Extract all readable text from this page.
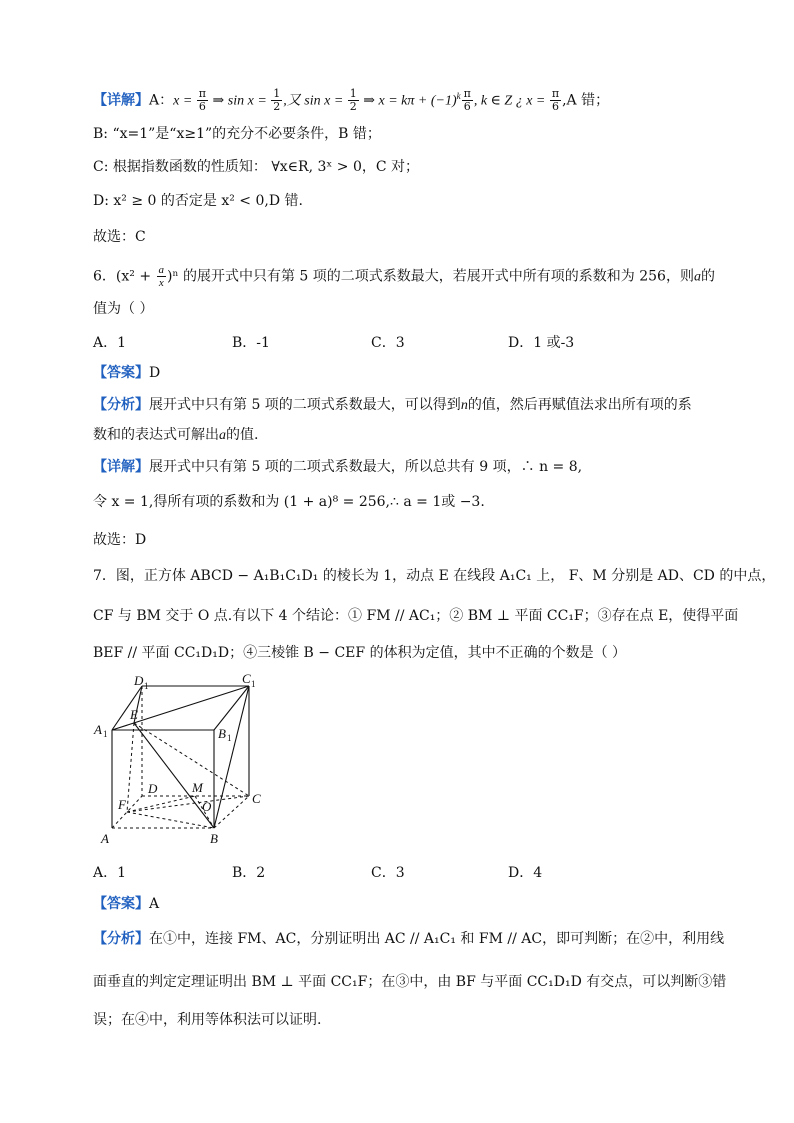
【详解】A：$x = \frac{\pi}{6}$ ⇒ $\sin x = \frac{1}{2}$ ,又 $\sin x = \frac{1}{2}$ ⇒ $x = k\pi + (-1)^k \frac{\pi}{6}$ , k ∈ Z ¿ $x = \frac{\pi}{6} ,A$ 错；
B: “x=1”是“x≥1”的充分不必要条件，B 错；
C: 根据指数函数的性质知： ∀x∈R, 3ˣ > 0，C 对；
D: x² ≥ 0 的否定是 x² < 0,D 错.
故选：C
6．$(x^2 + \frac{a}{x} )^n$ 的展开式中只有第 5 项的二项式系数最大，若展开式中所有项的系数和为 256，则a的
值为（ ）
A．1	B．-1	C．3	D．1 或-3
【答案】D
【分析】展开式中只有第 5 项的二项式系数最大，可以得到n的值，然后再赋值法求出所有项的系
数和的表达式可解出a的值.
【详解】展开式中只有第 5 项的二项式系数最大，所以总共有 9 项，∴ n = 8,
令 x = 1,得所有项的系数和为 (1 + a)⁸ = 256,∴ a = 1或 −3.
故选：D
7．图，正方体 ABCD − A₁B₁C₁D₁ 的棱长为 1，动点 E 在线段 A₁C₁ 上， F、M 分别是 AD、CD 的中点，
CF 与 BM 交于 O 点.有以下 4 个结论：① FM // AC₁；② BM ⊥ 平面 CC₁F；③存在点 E，使得平面
BEF // 平面 CC₁D₁D；④三棱锥 B − CEF 的体积为定值，其中不正确的个数是（ ）
D 1	C 1
A 1	B 1
E
M
D
F	O
C
A	B
A．1	B．2	C．3	D．4
【答案】A
【分析】在①中，连接 FM、AC，分别证明出 AC // A₁C₁ 和 FM // AC，即可判断；在②中，利用线
面垂直的判定定理证明出 BM ⊥ 平面 CC₁F；在③中，由 BF 与平面 CC₁D₁D 有交点，可以判断③错
误；在④中，利用等体积法可以证明.
